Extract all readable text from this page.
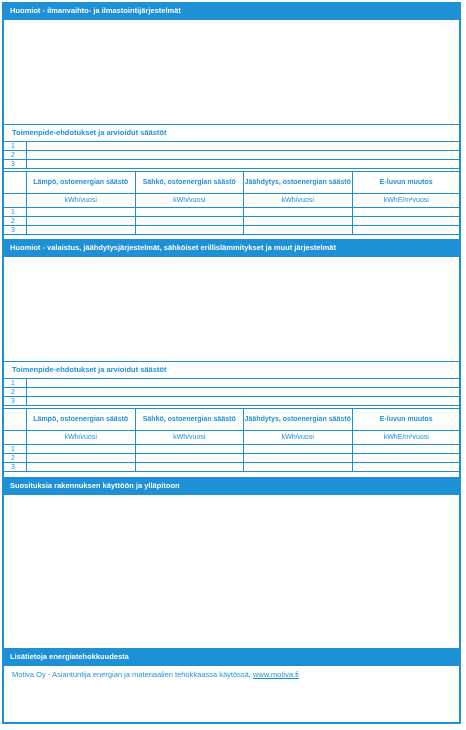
Huomiot - ilmanvaihto- ja ilmastointijärjestelmät
Toimenpide-ehdotukset ja arvioidut säästöt
1	
2	
3	
	Lämpö, ostoenergian säästö	Sähkö, ostoenergian säästö	Jäähdytys, ostoenergian säästö	E-luvun muutos
	kWh/vuosi	kWh/vuosi	kWh/vuosi	kWhE/m²vuosi
1				
2				
3				
Huomiot - valaistus, jäähdytysjärjestelmät, sähköiset erillislämmitykset ja muut järjestelmät
Toimenpide-ehdotukset ja arvioidut säästöt
1	
2	
3	
	Lämpö, ostoenergian säästö	Sähkö, ostoenergian säästö	Jäähdytys, ostoenergian säästö	E-luvun muutos
	kWh/vuosi	kWh/vuosi	kWh/vuosi	kWhE/m²vuosi
1				
2				
3				
Suosituksia rakennuksen käyttöön ja ylläpitoon
Lisätietoja energiatehokkuudesta
Motiva Oy - Asiantuntija energian ja materiaalien tehokkaassa käytössä, www.motiva.fi
